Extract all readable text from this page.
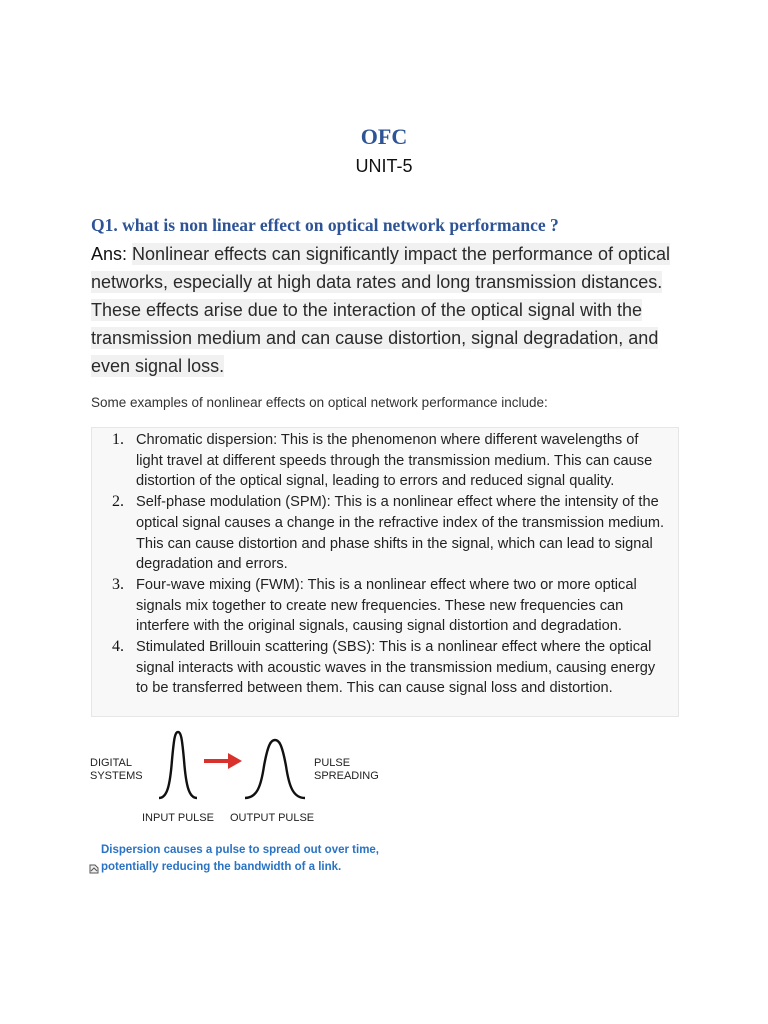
OFC
UNIT-5
Q1. what is non linear effect on optical network performance ?
Ans: Nonlinear effects can significantly impact the performance of optical
networks, especially at high data rates and long transmission distances.
These effects arise due to the interaction of the optical signal with the
transmission medium and can cause distortion, signal degradation, and
even signal loss.
Some examples of nonlinear effects on optical network performance include:
1. Chromatic dispersion: This is the phenomenon where different wavelengths of
light travel at different speeds through the transmission medium. This can cause
distortion of the optical signal, leading to errors and reduced signal quality.
2. Self-phase modulation (SPM): This is a nonlinear effect where the intensity of the
optical signal causes a change in the refractive index of the transmission medium.
This can cause distortion and phase shifts in the signal, which can lead to signal
degradation and errors.
3. Four-wave mixing (FWM): This is a nonlinear effect where two or more optical
signals mix together to create new frequencies. These new frequencies can
interfere with the original signals, causing signal distortion and degradation.
4. Stimulated Brillouin scattering (SBS): This is a nonlinear effect where the optical
signal interacts with acoustic waves in the transmission medium, causing energy
to be transferred between them. This can cause signal loss and distortion.
DIGITAL
SYSTEMS
PULSE
SPREADING
INPUT PULSE OUTPUT PULSE
Dispersion causes a pulse to spread out over time,
potentially reducing the bandwidth of a link.
